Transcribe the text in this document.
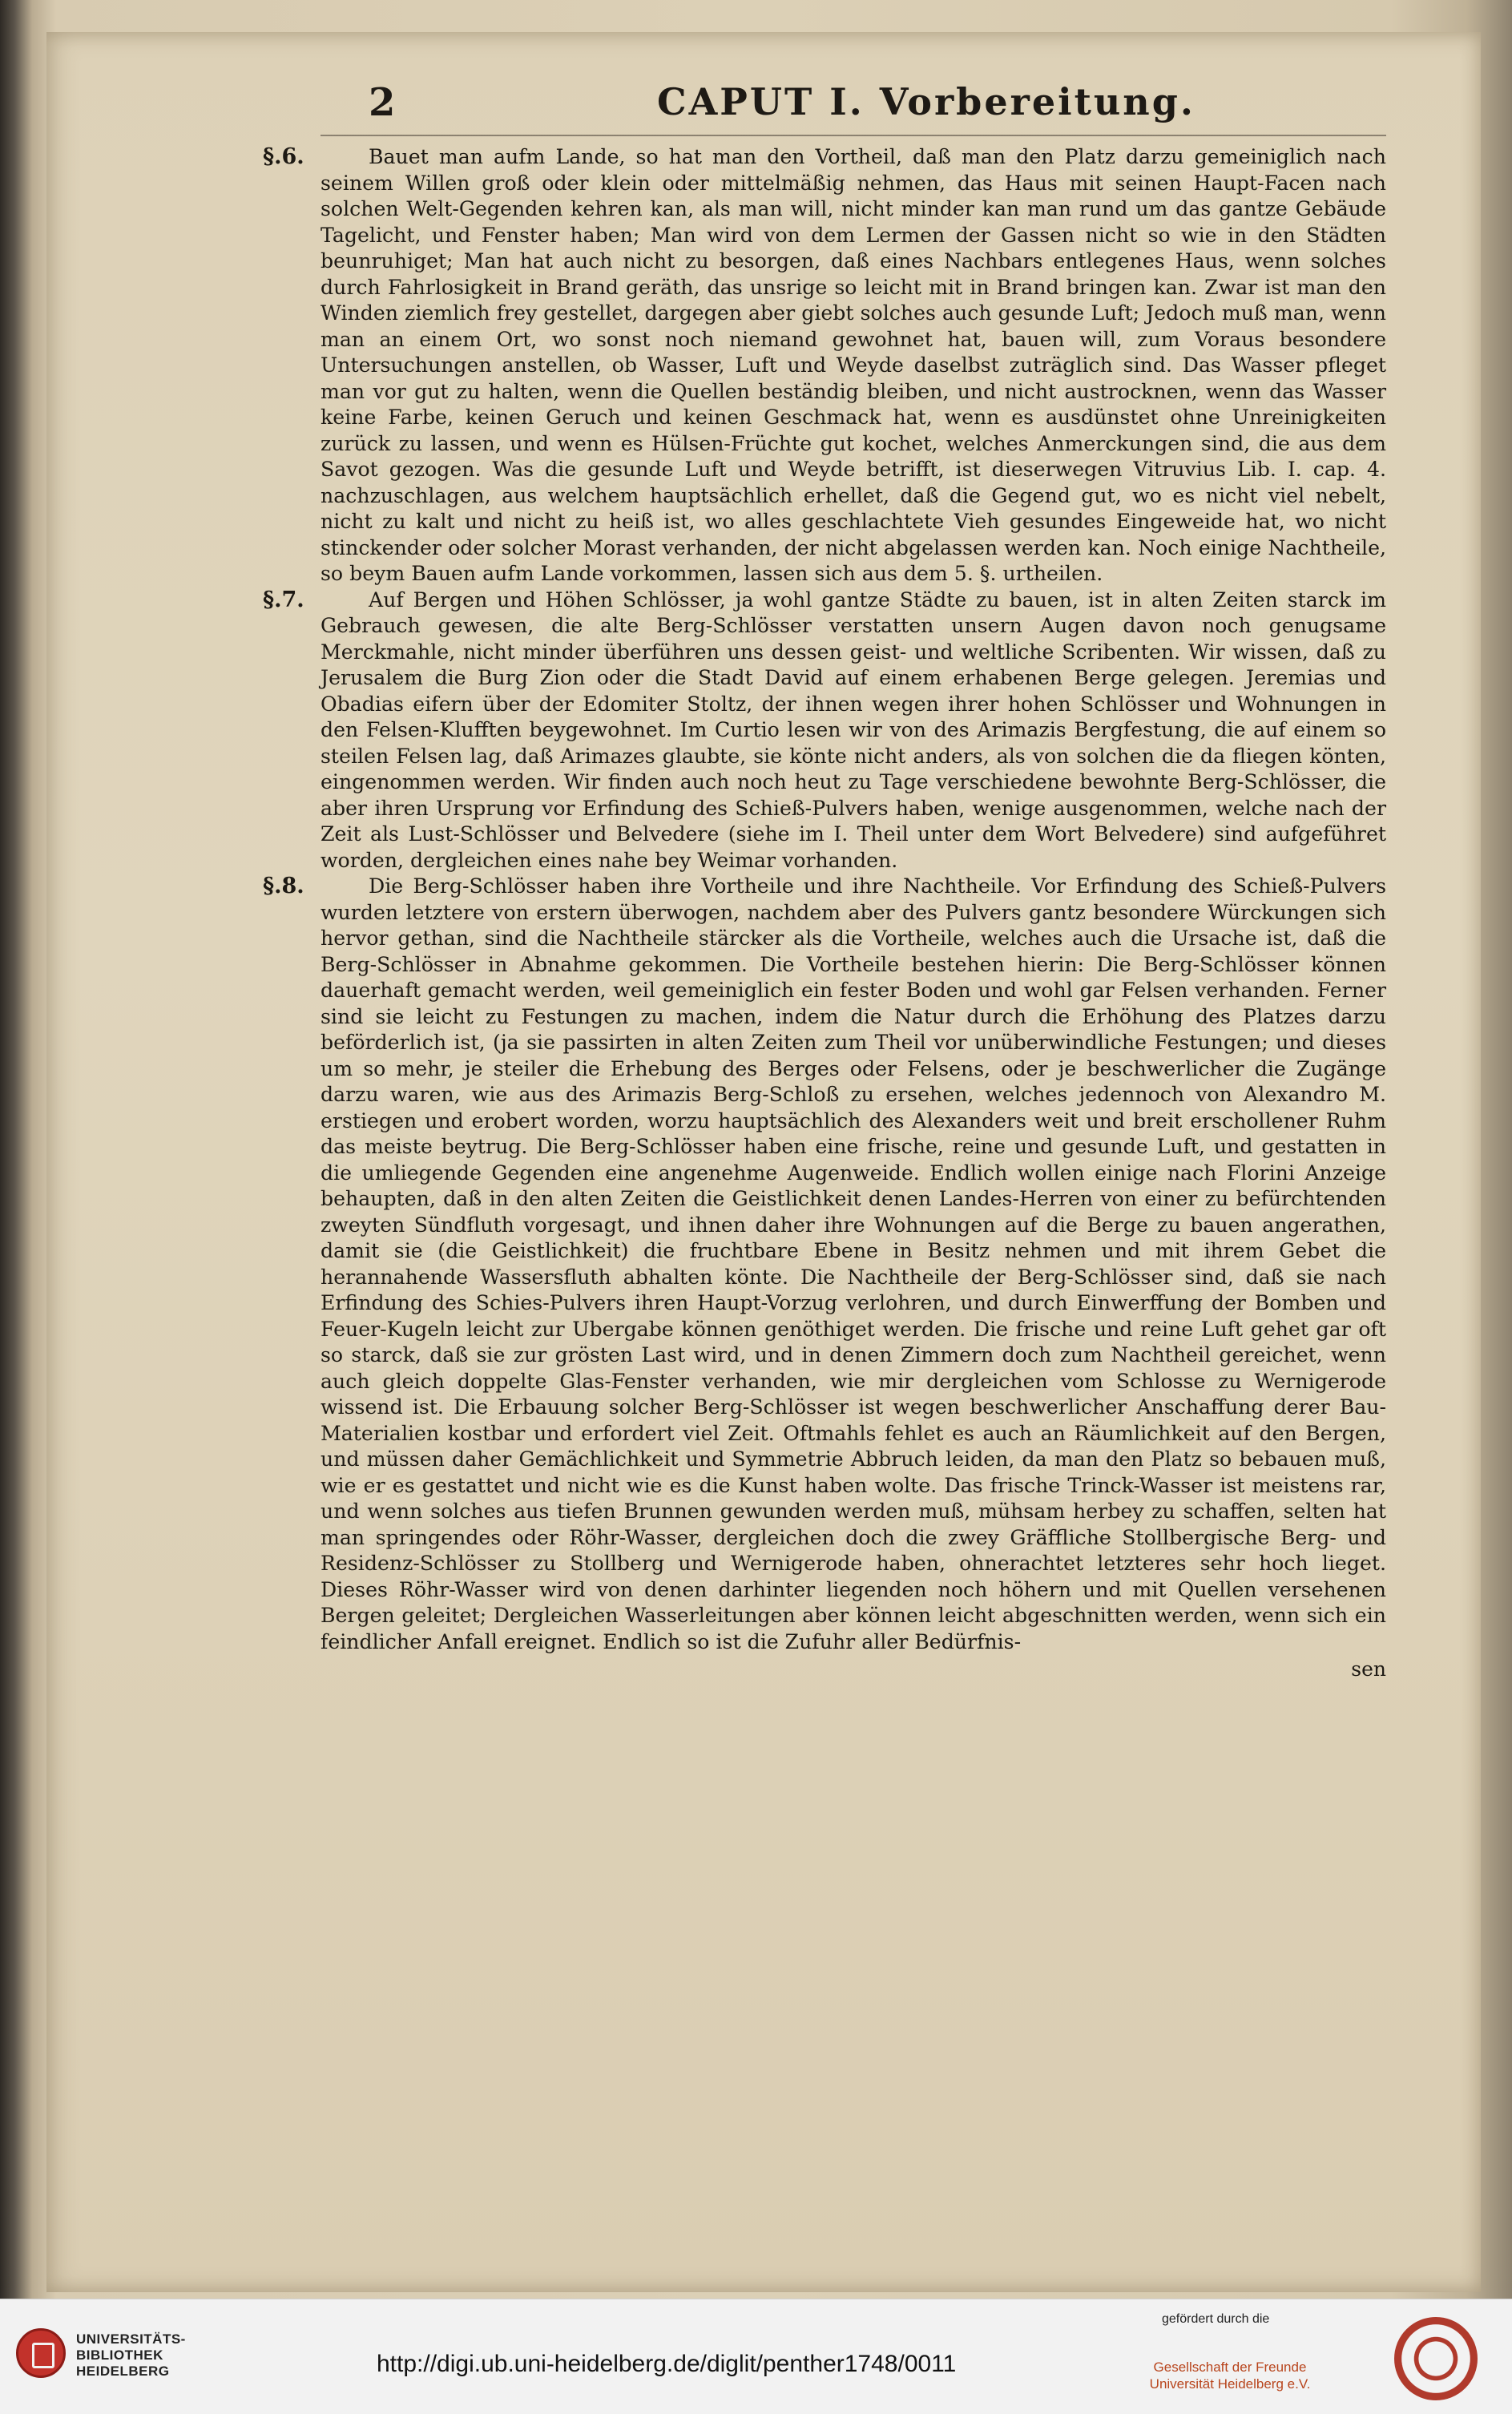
2	CAPUT I. Vorbereitung.
§.6.	Bauet man aufm Lande, so hat man den Vortheil, daß man den Platz darzu gemeiniglich nach seinem Willen groß oder klein oder mittelmäßig nehmen, das Haus mit seinen Haupt-Facen nach solchen Welt-Gegenden kehren kan, als man will, nicht minder kan man rund um das gantze Gebäude Tagelicht, und Fenster haben; Man wird von dem Lermen der Gassen nicht so wie in den Städten beunruhiget; Man hat auch nicht zu besorgen, daß eines Nachbars entlegenes Haus, wenn solches durch Fahrlosigkeit in Brand geräth, das unsrige so leicht mit in Brand bringen kan. Zwar ist man den Winden ziemlich frey gestellet, dargegen aber giebt solches auch gesunde Luft; Jedoch muß man, wenn man an einem Ort, wo sonst noch niemand gewohnet hat, bauen will, zum Voraus besondere Untersuchungen anstellen, ob Wasser, Luft und Weyde daselbst zuträglich sind. Das Wasser pfleget man vor gut zu halten, wenn die Quellen beständig bleiben, und nicht austrocknen, wenn das Wasser keine Farbe, keinen Geruch und keinen Geschmack hat, wenn es ausdünstet ohne Unreinigkeiten zurück zu lassen, und wenn es Hülsen-Früchte gut kochet, welches Anmerckungen sind, die aus dem Savot gezogen. Was die gesunde Luft und Weyde betrifft, ist dieserwegen Vitruvius Lib. I. cap. 4. nachzuschlagen, aus welchem hauptsächlich erhellet, daß die Gegend gut, wo es nicht viel nebelt, nicht zu kalt und nicht zu heiß ist, wo alles geschlachtete Vieh gesundes Eingeweide hat, wo nicht stinckender oder solcher Morast verhanden, der nicht abgelassen werden kan. Noch einige Nachtheile, so beym Bauen aufm Lande vorkommen, lassen sich aus dem 5. §. urtheilen.
§.7.	Auf Bergen und Höhen Schlösser, ja wohl gantze Städte zu bauen, ist in alten Zeiten starck im Gebrauch gewesen, die alte Berg-Schlösser verstatten unsern Augen davon noch genugsame Merckmahle, nicht minder überführen uns dessen geist- und weltliche Scribenten. Wir wissen, daß zu Jerusalem die Burg Zion oder die Stadt David auf einem erhabenen Berge gelegen. Jeremias und Obadias eifern über der Edomiter Stoltz, der ihnen wegen ihrer hohen Schlösser und Wohnungen in den Felsen-Klufften beygewohnet. Im Curtio lesen wir von des Arimazis Bergfestung, die auf einem so steilen Felsen lag, daß Arimazes glaubte, sie könte nicht anders, als von solchen die da fliegen könten, eingenommen werden. Wir finden auch noch heut zu Tage verschiedene bewohnte Berg-Schlösser, die aber ihren Ursprung vor Erfindung des Schieß-Pulvers haben, wenige ausgenommen, welche nach der Zeit als Lust-Schlösser und Belvedere (siehe im I. Theil unter dem Wort Belvedere) sind aufgeführet worden, dergleichen eines nahe bey Weimar vorhanden.
§.8.	Die Berg-Schlösser haben ihre Vortheile und ihre Nachtheile. Vor Erfindung des Schieß-Pulvers wurden letztere von erstern überwogen, nachdem aber des Pulvers gantz besondere Würckungen sich hervor gethan, sind die Nachtheile stärcker als die Vortheile, welches auch die Ursache ist, daß die Berg-Schlösser in Abnahme gekommen. Die Vortheile bestehen hierin: Die Berg-Schlösser können dauerhaft gemacht werden, weil gemeiniglich ein fester Boden und wohl gar Felsen verhanden. Ferner sind sie leicht zu Festungen zu machen, indem die Natur durch die Erhöhung des Platzes darzu beförderlich ist, (ja sie passirten in alten Zeiten zum Theil vor unüberwindliche Festungen; und dieses um so mehr, je steiler die Erhebung des Berges oder Felsens, oder je beschwerlicher die Zugänge darzu waren, wie aus des Arimazis Berg-Schloß zu ersehen, welches jedennoch von Alexandro M. erstiegen und erobert worden, worzu hauptsächlich des Alexanders weit und breit erschollener Ruhm das meiste beytrug. Die Berg-Schlösser haben eine frische, reine und gesunde Luft, und gestatten in die umliegende Gegenden eine angenehme Augenweide. Endlich wollen einige nach Florini Anzeige behaupten, daß in den alten Zeiten die Geistlichkeit denen Landes-Herren von einer zu befürchtenden zweyten Sündfluth vorgesagt, und ihnen daher ihre Wohnungen auf die Berge zu bauen angerathen, damit sie (die Geistlichkeit) die fruchtbare Ebene in Besitz nehmen und mit ihrem Gebet die herannahende Wassersfluth abhalten könte. Die Nachtheile der Berg-Schlösser sind, daß sie nach Erfindung des Schies-Pulvers ihren Haupt-Vorzug verlohren, und durch Einwerffung der Bomben und Feuer-Kugeln leicht zur Ubergabe können genöthiget werden. Die frische und reine Luft gehet gar oft so starck, daß sie zur grösten Last wird, und in denen Zimmern doch zum Nachtheil gereichet, wenn auch gleich doppelte Glas-Fenster verhanden, wie mir dergleichen vom Schlosse zu Wernigerode wissend ist. Die Erbauung solcher Berg-Schlösser ist wegen beschwerlicher Anschaffung derer Bau-Materialien kostbar und erfordert viel Zeit. Oftmahls fehlet es auch an Räumlichkeit auf den Bergen, und müssen daher Gemächlichkeit und Symmetrie Abbruch leiden, da man den Platz so bebauen muß, wie er es gestattet und nicht wie es die Kunst haben wolte. Das frische Trinck-Wasser ist meistens rar, und wenn solches aus tiefen Brunnen gewunden werden muß, mühsam herbey zu schaffen, selten hat man springendes oder Röhr-Wasser, dergleichen doch die zwey Gräffliche Stollbergische Berg- und Residenz-Schlösser zu Stollberg und Wernigerode haben, ohnerachtet letzteres sehr hoch lieget. Dieses Röhr-Wasser wird von denen darhinter liegenden noch höhern und mit Quellen versehenen Bergen geleitet; Dergleichen Wasserleitungen aber können leicht abgeschnitten werden, wenn sich ein feindlicher Anfall ereignet. Endlich so ist die Zufuhr aller Bedürfnis-
sen
UNIVERSITÄTS-
BIBLIOTHEK
HEIDELBERG	http://digi.ub.uni-heidelberg.de/diglit/penther1748/0011
gefördert durch die
Gesellschaft der Freunde
Universität Heidelberg e.V.
